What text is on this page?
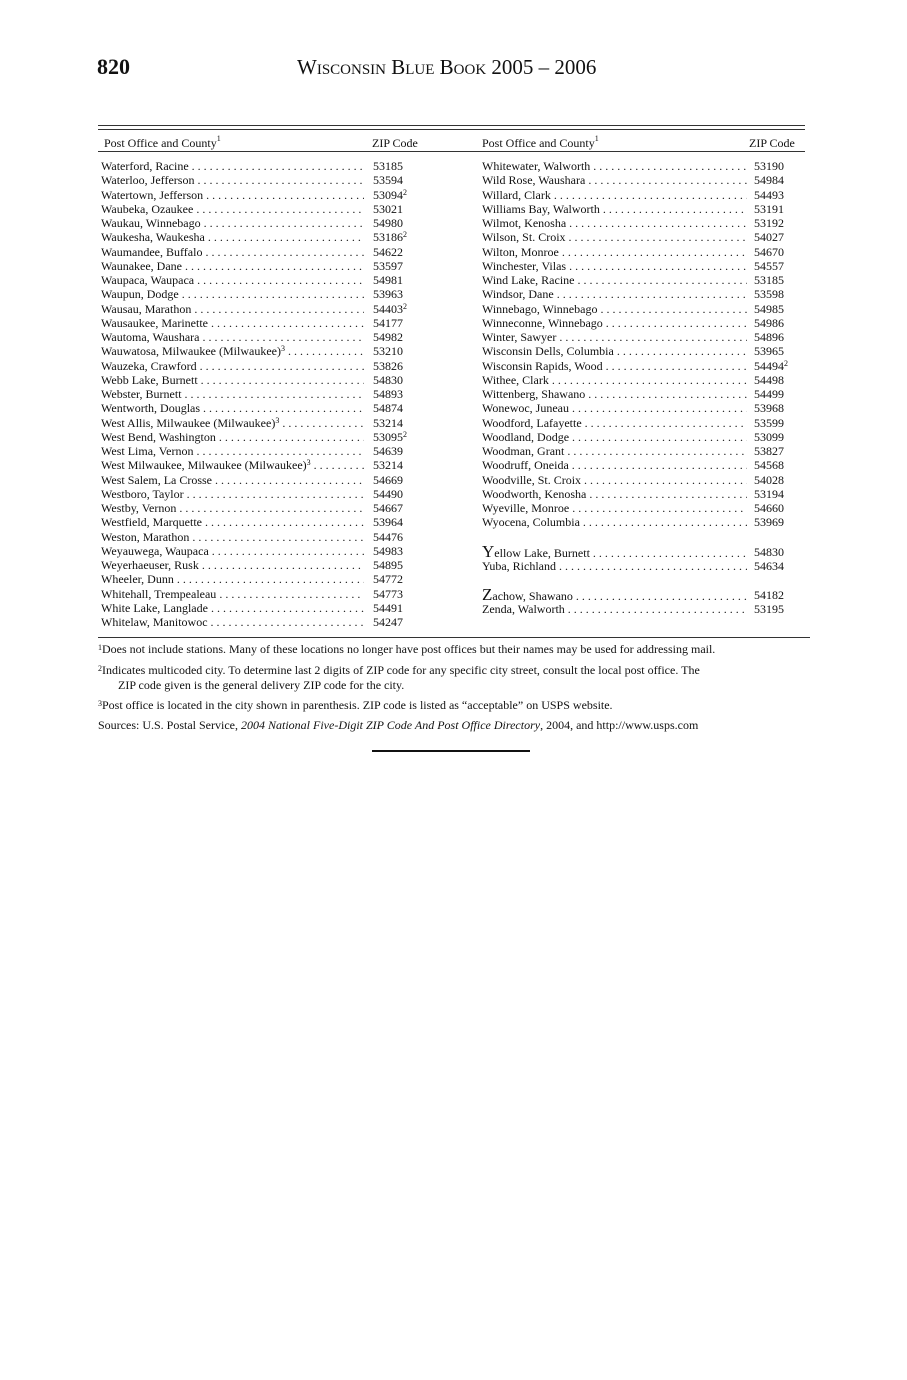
820	Wisconsin Blue Book 2005 – 2006
Post Office and County$^1$	ZIP Code	Post Office and County$^1$	ZIP Code
Waterford, Racine . . .	53185
Waterloo, Jefferson . . .	53594
Watertown, Jefferson . . .	53094$^2$
Waubeka, Ozaukee . . .	53021
Waukau, Winnebago . . .	54980
Waukesha, Waukesha . . .	53186$^2$
Waumandee, Buffalo . . .	54622
Waunakee, Dane . . .	53597
Waupaca, Waupaca . . .	54981
Waupun, Dodge . . .	53963
Wausau, Marathon . . .	54403$^2$
Wausaukee, Marinette . . .	54177
Wautoma, Waushara . . .	54982
Wauwatosa, Milwaukee (Milwaukee)$^3$ . . .	53210
Wauzeka, Crawford . . .	53826
Webb Lake, Burnett . . .	54830
Webster, Burnett . . .	54893
Wentworth, Douglas . . .	54874
West Allis, Milwaukee (Milwaukee)$^3$ . . .	53214
West Bend, Washington . . .	53095$^2$
West Lima, Vernon . . .	54639
West Milwaukee, Milwaukee (Milwaukee)$^3$ . . .	53214
West Salem, La Crosse . . .	54669
Westboro, Taylor . . .	54490
Westby, Vernon . . .	54667
Westfield, Marquette . . .	53964
Weston, Marathon . . .	54476
Weyauwega, Waupaca . . .	54983
Weyerhaeuser, Rusk . . .	54895
Wheeler, Dunn . . .	54772
Whitehall, Trempealeau . . .	54773
White Lake, Langlade . . .	54491
Whitelaw, Manitowoc . . .	54247
Whitewater, Walworth . . .	53190
Wild Rose, Waushara . . .	54984
Willard, Clark . . .	54493
Williams Bay, Walworth . . .	53191
Wilmot, Kenosha . . .	53192
Wilson, St. Croix . . .	54027
Wilton, Monroe . . .	54670
Winchester, Vilas . . .	54557
Wind Lake, Racine . . .	53185
Windsor, Dane . . .	53598
Winnebago, Winnebago . . .	54985
Winneconne, Winnebago . . .	54986
Winter, Sawyer . . .	54896
Wisconsin Dells, Columbia . . .	53965
Wisconsin Rapids, Wood . . .	54494$^2$
Withee, Clark . . .	54498
Wittenberg, Shawano . . .	54499
Wonewoc, Juneau . . .	53968
Woodford, Lafayette . . .	53599
Woodland, Dodge . . .	53099
Woodman, Grant . . .	53827
Woodruff, Oneida . . .	54568
Woodville, St. Croix . . .	54028
Woodworth, Kenosha . . .	53194
Wyeville, Monroe . . .	54660
Wyocena, Columbia . . .	53969
Yellow Lake, Burnett . . .	54830
Yuba, Richland . . .	54634
Zachow, Shawano . . .	54182
Zenda, Walworth . . .	53195
$^1$Does not include stations. Many of these locations no longer have post offices but their names may be used for addressing mail.
$^2$Indicates multicoded city. To determine last 2 digits of ZIP code for any specific city street, consult the local post office. The
ZIP code given is the general delivery ZIP code for the city.
$^3$Post office is located in the city shown in parenthesis. ZIP code is listed as “acceptable” on USPS website.
Sources: U.S. Postal Service, 2004 National Five-Digit ZIP Code And Post Office Directory, 2004, and http://www.usps.com
